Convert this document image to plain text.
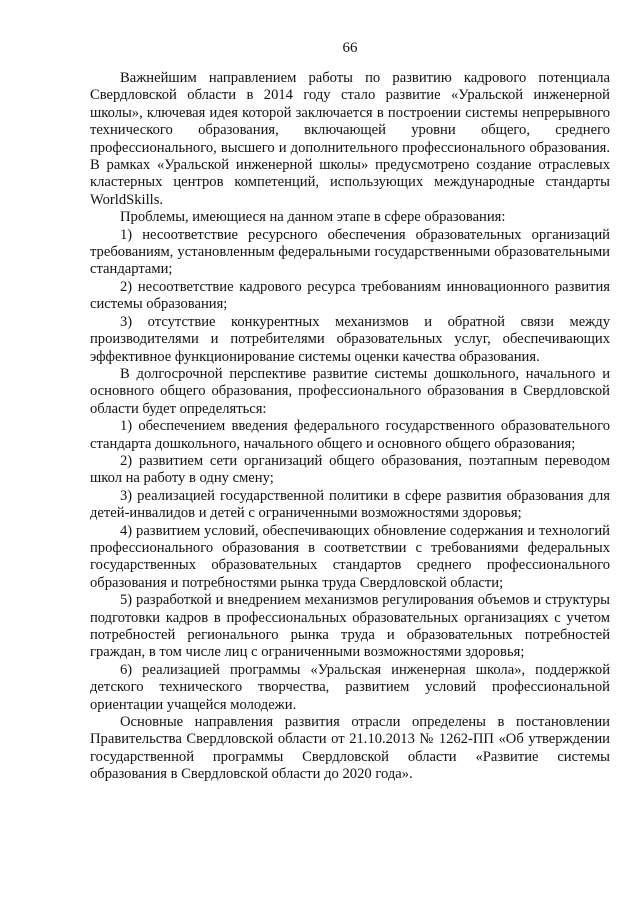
66

Важнейшим направлением работы по развитию кадрового потенциала Свердловской области в 2014 году стало развитие «Уральской инженерной школы», ключевая идея которой заключается в построении системы непрерывного технического образования, включающей уровни общего, среднего профессионального, высшего и дополнительного профессионального образования. В рамках «Уральской инженерной школы» предусмотрено создание отраслевых кластерных центров компетенций, использующих международные стандарты WorldSkills.

Проблемы, имеющиеся на данном этапе в сфере образования:

1) несоответствие ресурсного обеспечения образовательных организаций требованиям, установленным федеральными государственными образовательными стандартами;

2) несоответствие кадрового ресурса требованиям инновационного развития системы образования;

3) отсутствие конкурентных механизмов и обратной связи между производителями и потребителями образовательных услуг, обеспечивающих эффективное функционирование системы оценки качества образования.

В долгосрочной перспективе развитие системы дошкольного, начального и основного общего образования, профессионального образования в Свердловской области будет определяться:

1) обеспечением введения федерального государственного образовательного стандарта дошкольного, начального общего и основного общего образования;

2) развитием сети организаций общего образования, поэтапным переводом школ на работу в одну смену;

3) реализацией государственной политики в сфере развития образования для детей-инвалидов и детей с ограниченными возможностями здоровья;

4) развитием условий, обеспечивающих обновление содержания и технологий профессионального образования в соответствии с требованиями федеральных государственных образовательных стандартов среднего профессионального образования и потребностями рынка труда Свердловской области;

5) разработкой и внедрением механизмов регулирования объемов и структуры подготовки кадров в профессиональных образовательных организациях с учетом потребностей регионального рынка труда и образовательных потребностей граждан, в том числе лиц с ограниченными возможностями здоровья;

6) реализацией программы «Уральская инженерная школа», поддержкой детского технического творчества, развитием условий профессиональной ориентации учащейся молодежи.

Основные направления развития отрасли определены в постановлении Правительства Свердловской области от 21.10.2013 № 1262-ПП «Об утверждении государственной программы Свердловской области «Развитие системы образования в Свердловской области до 2020 года».
